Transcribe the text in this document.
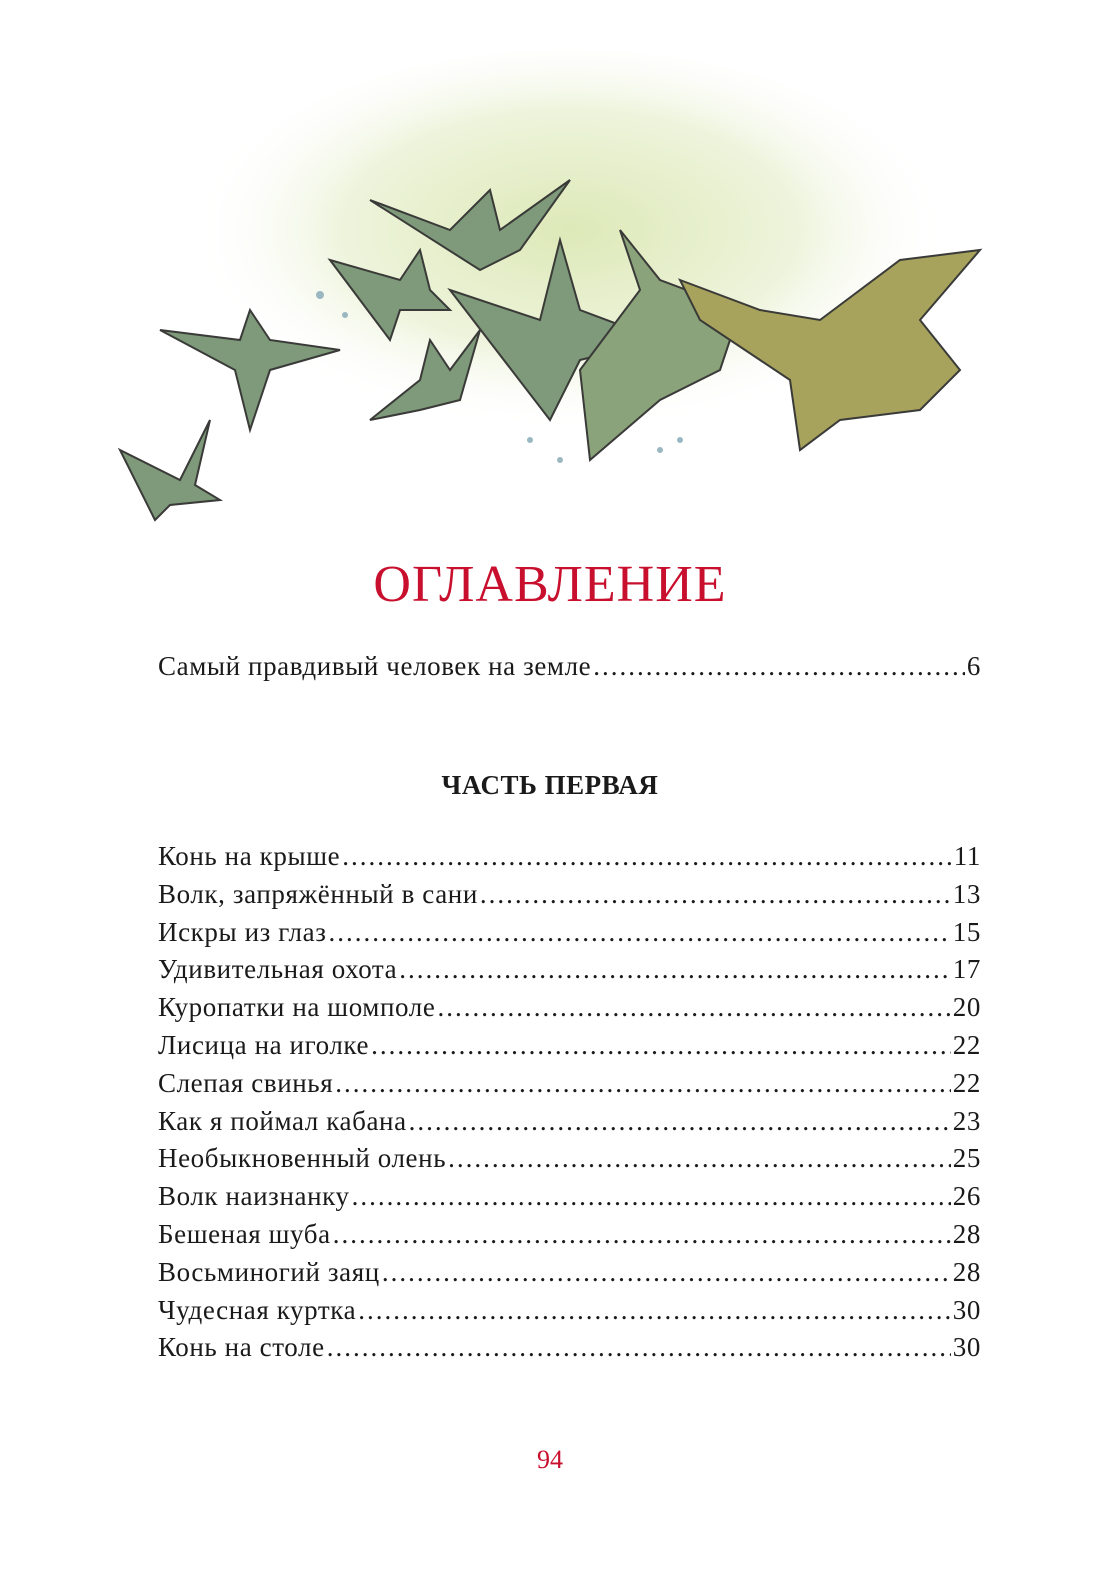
ОГЛАВЛЕНИЕ
Самый правдивый человек на земле .....	6
ЧАСТЬ ПЕРВАЯ
Конь на крыше .....	11
Волк, запряжённый в сани .....	13
Искры из глаз .....	15
Удивительная охота .....	17
Куропатки на шомполе .....	20
Лисица на иголке .....	22
Слепая свинья .....	22
Как я поймал кабана .....	23
Необыкновенный олень .....	25
Волк наизнанку .....	26
Бешеная шуба .....	28
Восьминогий заяц .....	28
Чудесная куртка .....	30
Конь на столе .....	30
94
